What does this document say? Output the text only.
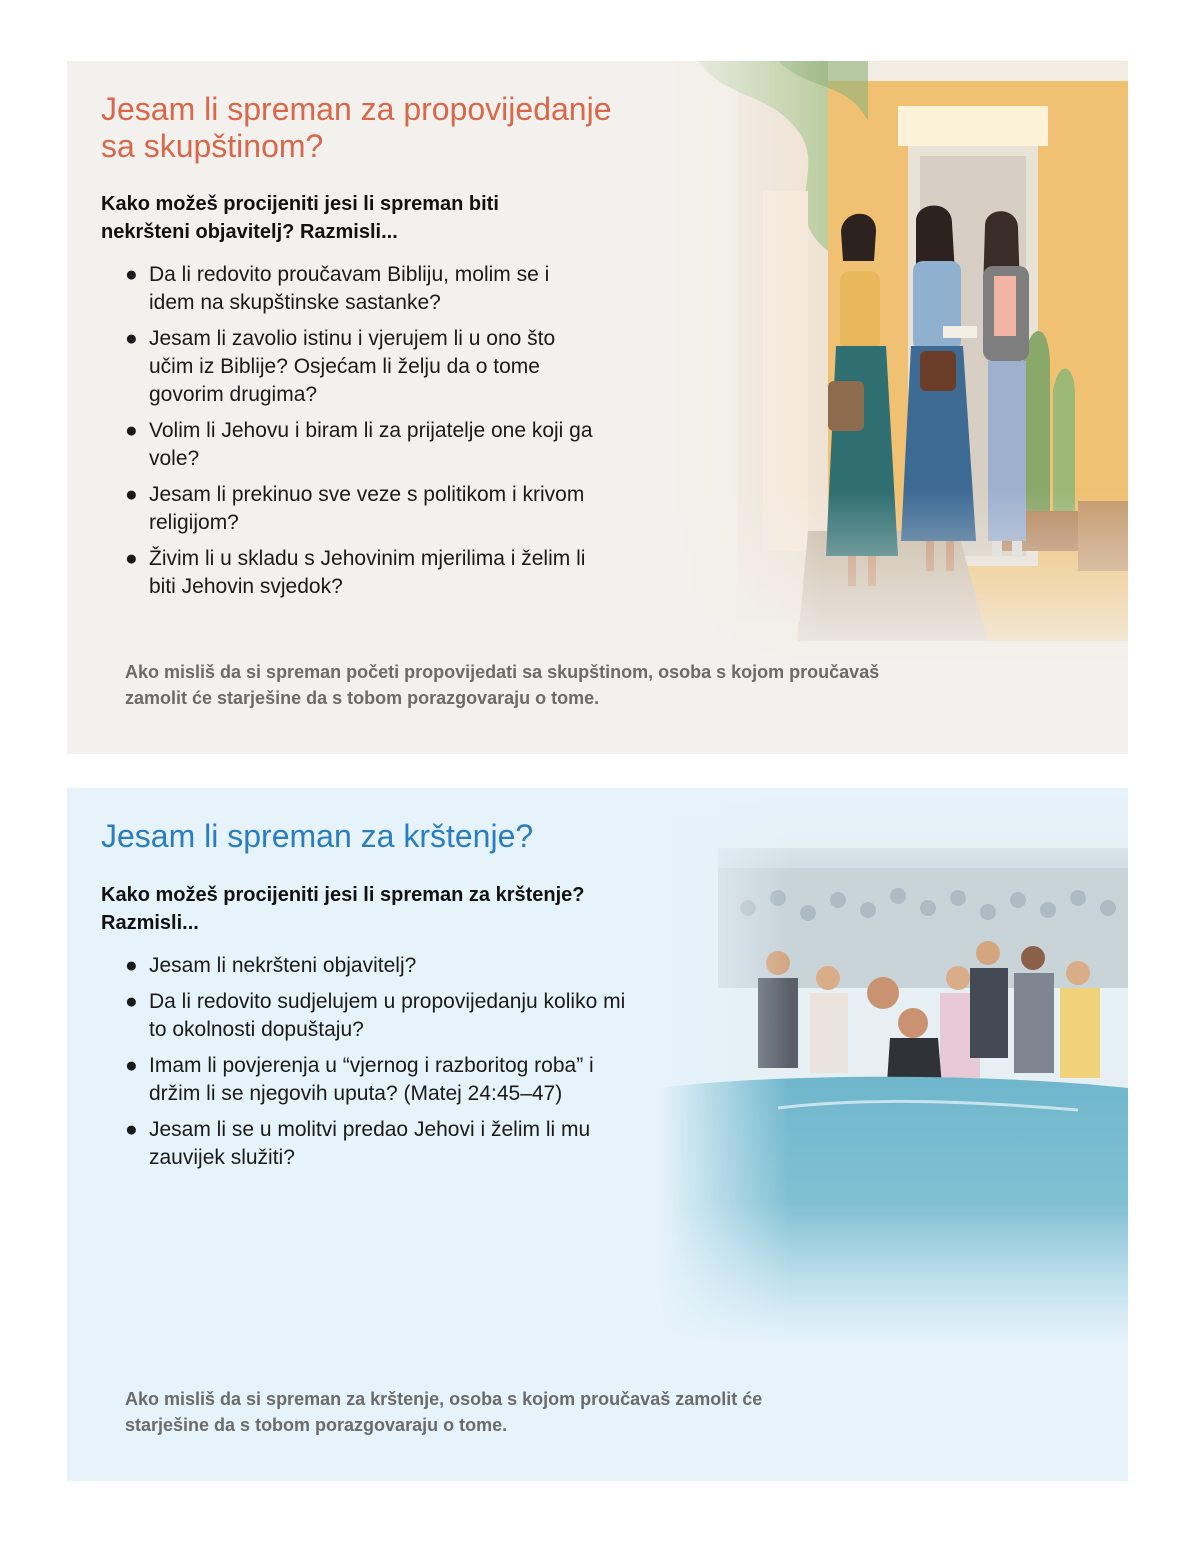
Jesam li spreman za propovijedanje sa skupštinom?

Kako možeš procijeniti jesi li spreman biti nekršteni objavitelj? Razmisli...

● Da li redovito proučavam Bibliju, molim se i idem na skupštinske sastanke?
● Jesam li zavolio istinu i vjerujem li u ono što učim iz Biblije? Osjećam li želju da o tome govorim drugima?
● Volim li Jehovu i biram li za prijatelje one koji ga vole?
● Jesam li prekinuo sve veze s politikom i krivom religijom?
● Živim li u skladu s Jehovinim mjerilima i želim li biti Jehovin svjedok?

Ako misliš da si spreman početi propovijedati sa skupštinom, osoba s kojom proučavaš zamolit će starješine da s tobom porazgovaraju o tome.

Jesam li spreman za krštenje?

Kako možeš procijeniti jesi li spreman za krštenje? Razmisli...

● Jesam li nekršteni objavitelj?
● Da li redovito sudjelujem u propovijedanju koliko mi to okolnosti dopuštaju?
● Imam li povjerenja u “vjernog i razboritog roba” i držim li se njegovih uputa? (Matej 24:45–47)
● Jesam li se u molitvi predao Jehovi i želim li mu zauvijek služiti?

Ako misliš da si spreman za krštenje, osoba s kojom proučavaš zamolit će starješine da s tobom porazgovaraju o tome.
